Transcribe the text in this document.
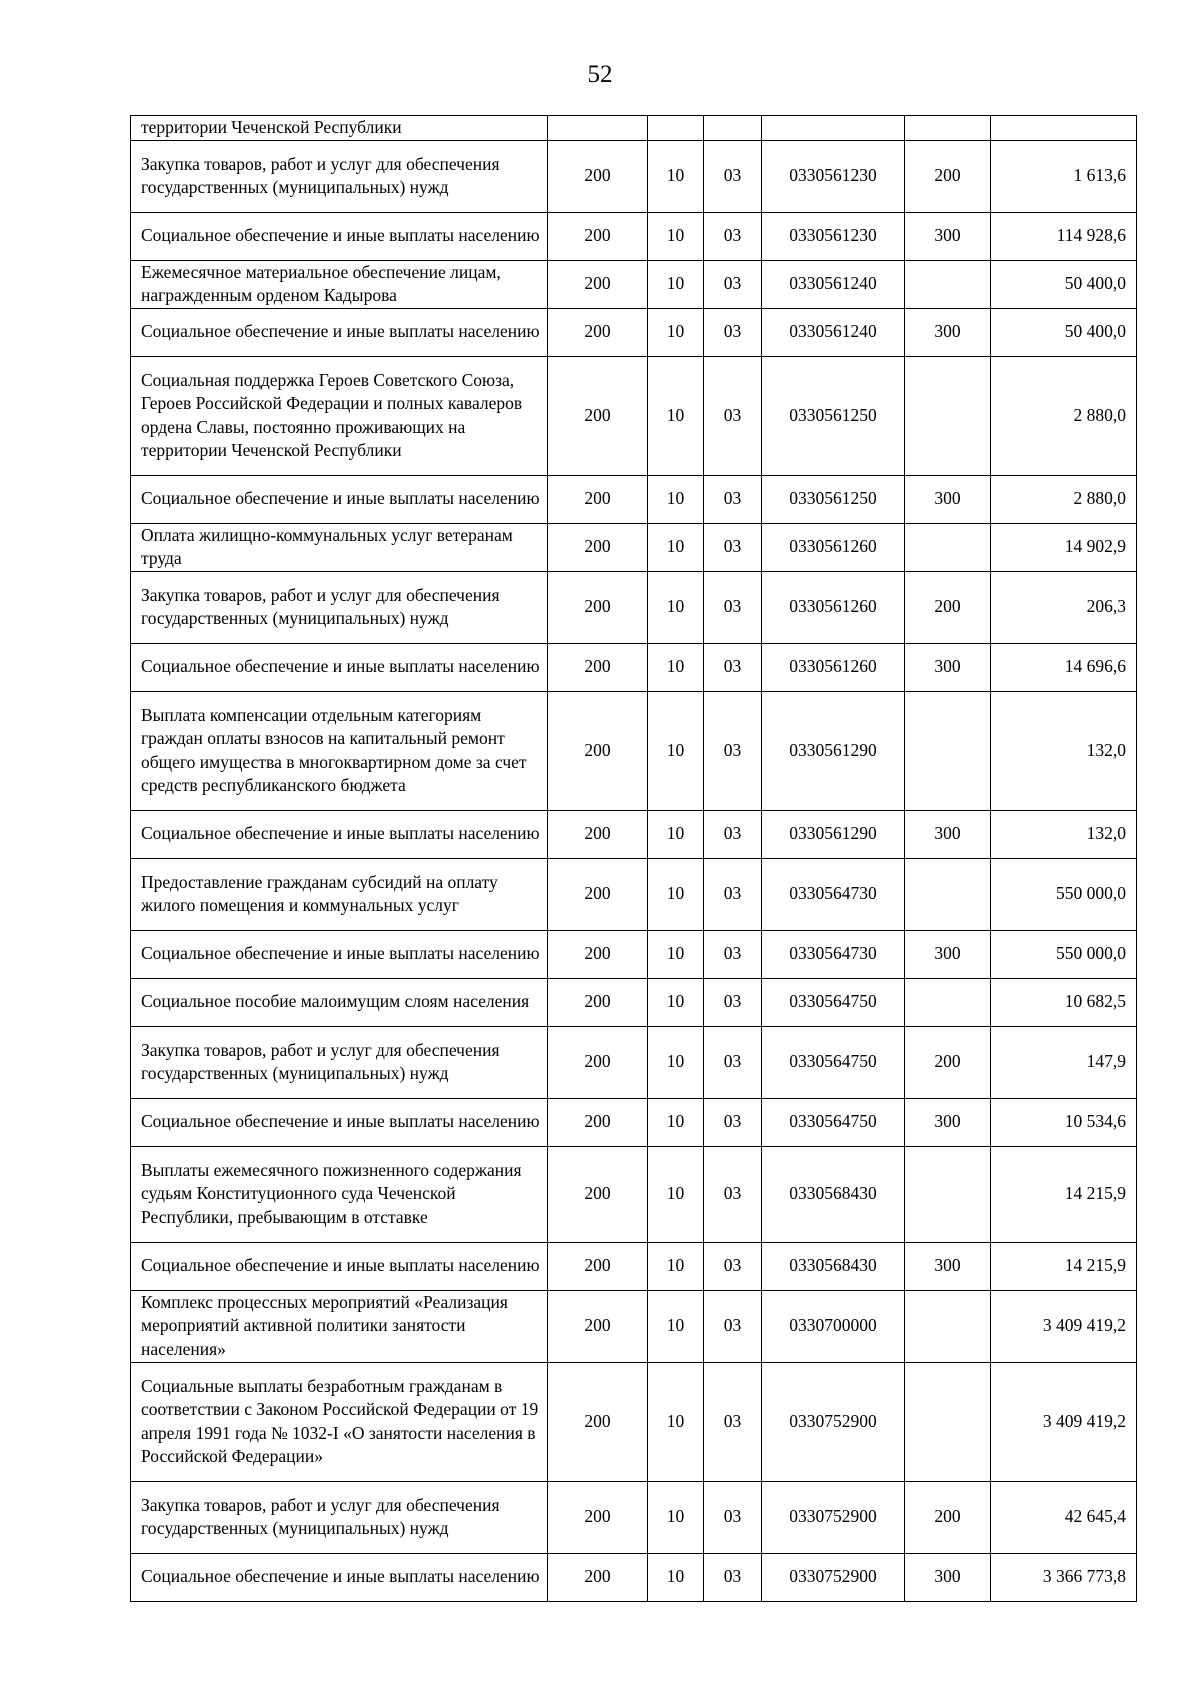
52
территории Чеченской Республики						
Закупка товаров, работ и услуг для обеспечения государственных (муниципальных) нужд	200	10	03	0330561230	200	1 613,6
Социальное обеспечение и иные выплаты населению	200	10	03	0330561230	300	114 928,6
Ежемесячное материальное обеспечение лицам, награжденным орденом Кадырова	200	10	03	0330561240		50 400,0
Социальное обеспечение и иные выплаты населению	200	10	03	0330561240	300	50 400,0
Социальная поддержка Героев Советского Союза, Героев Российской Федерации и полных кавалеров ордена Славы, постоянно проживающих на территории Чеченской Республики	200	10	03	0330561250		2 880,0
Социальное обеспечение и иные выплаты населению	200	10	03	0330561250	300	2 880,0
Оплата жилищно-коммунальных услуг ветеранам труда	200	10	03	0330561260		14 902,9
Закупка товаров, работ и услуг для обеспечения государственных (муниципальных) нужд	200	10	03	0330561260	200	206,3
Социальное обеспечение и иные выплаты населению	200	10	03	0330561260	300	14 696,6
Выплата компенсации отдельным категориям граждан оплаты взносов на капитальный ремонт общего имущества в многоквартирном доме за счет средств республиканского бюджета	200	10	03	0330561290		132,0
Социальное обеспечение и иные выплаты населению	200	10	03	0330561290	300	132,0
Предоставление гражданам субсидий на оплату жилого помещения и коммунальных услуг	200	10	03	0330564730		550 000,0
Социальное обеспечение и иные выплаты населению	200	10	03	0330564730	300	550 000,0
Социальное пособие малоимущим слоям населения	200	10	03	0330564750		10 682,5
Закупка товаров, работ и услуг для обеспечения государственных (муниципальных) нужд	200	10	03	0330564750	200	147,9
Социальное обеспечение и иные выплаты населению	200	10	03	0330564750	300	10 534,6
Выплаты ежемесячного пожизненного содержания судьям Конституционного суда Чеченской Республики, пребывающим в отставке	200	10	03	0330568430		14 215,9
Социальное обеспечение и иные выплаты населению	200	10	03	0330568430	300	14 215,9
Комплекс процессных мероприятий «Реализация мероприятий активной политики занятости населения»	200	10	03	0330700000		3 409 419,2
Социальные выплаты безработным гражданам в соответствии с Законом Российской Федерации от 19 апреля 1991 года № 1032-I «О занятости населения в Российской Федерации»	200	10	03	0330752900		3 409 419,2
Закупка товаров, работ и услуг для обеспечения государственных (муниципальных) нужд	200	10	03	0330752900	200	42 645,4
Социальное обеспечение и иные выплаты населению	200	10	03	0330752900	300	3 366 773,8
